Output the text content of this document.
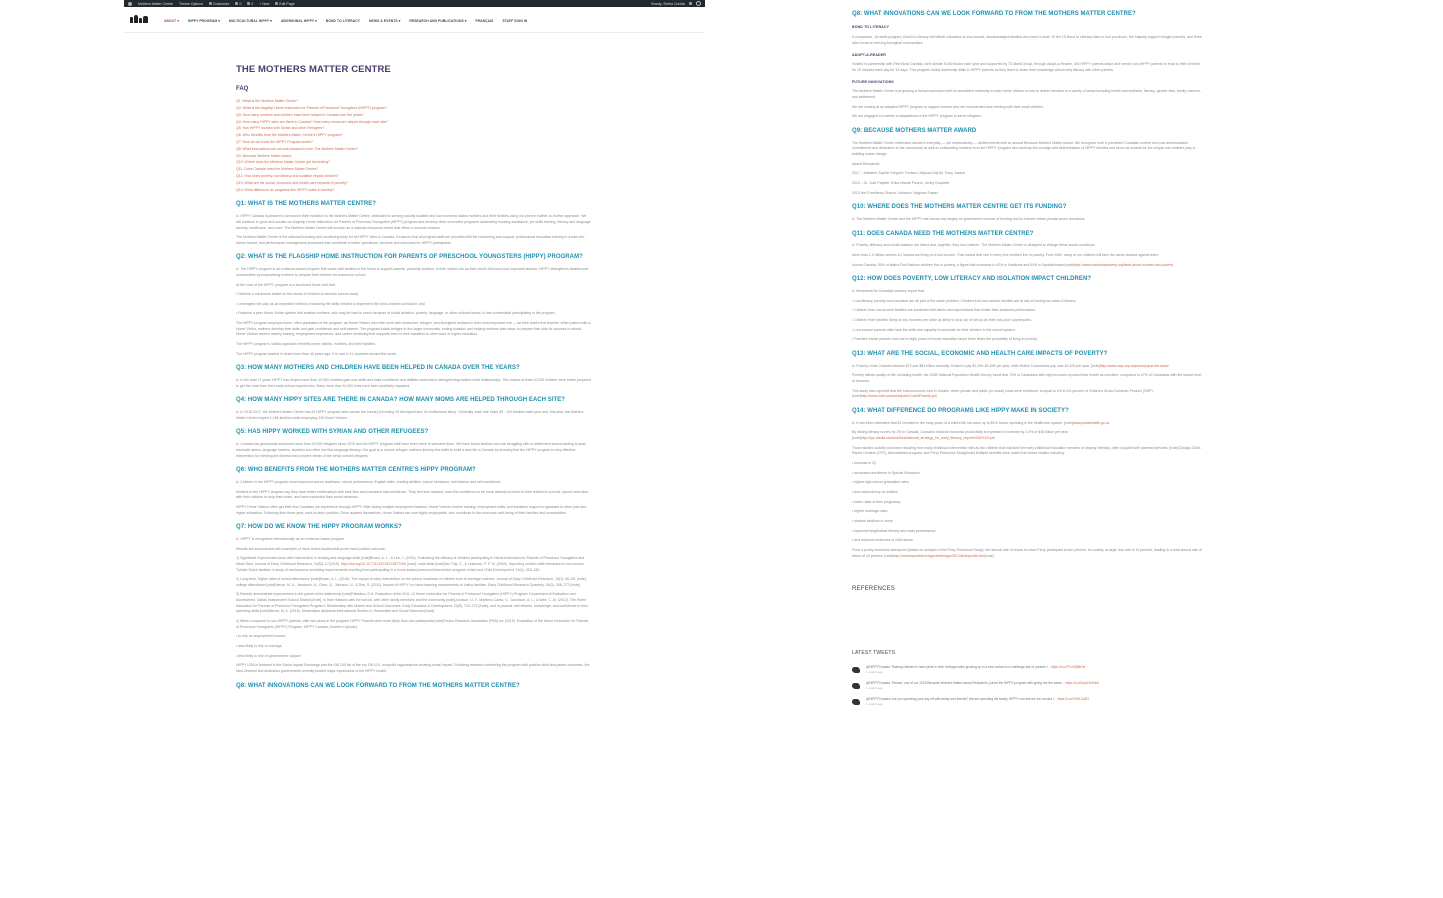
Mothers Matter Centre Theme Options	Customize	0	0 + New	Edit Page	Howdy, Sheila Culotta
ABOUT ▾	HIPPY PROGRAM ▾	MULTICULTURAL HIPPY ▾	ABORIGINAL HIPPY ▾	BOND TO LITERACY	NEWS & EVENTS ▾	RESEARCH AND PUBLICATIONS ▾	FRANÇAIS	STAFF SIGN IN
THE MOTHERS MATTER CENTRE
FAQ
Q1: What is the Mothers Matter Centre?
Q2: What is the flagship Home Instruction for Parents of Preschool Youngsters (HIPPY) program?
Q3: How many mothers and children have been helped in Canada over the years?
Q4: How many HIPPY sites are there in Canada? How many moms are helped through each site?
Q5: Has HIPPY worked with Syrian and other Refugees?
Q6: Who benefits from the Mothers Matter Centre's HIPPY program?
Q7: How do we know the HIPPY Program works?
Q8: What innovations can we look forward to from The Mothers Matter Centre?
Q9: Because Mothers Matter Award
Q10: Where does the Mothers Matter Centre get its funding?
Q11: Does Canada need the Mothers Matter Centre?
Q12: How does poverty, low literacy and isolation impact children?
Q13: What are the social, economic and health care impacts of poverty?
Q14: What difference do programs like HIPPY make in society?
Q1: WHAT IS THE MOTHERS MATTER CENTRE?

A: HIPPY Canada is pleased to announce their transition to the Mothers Matter Centre, dedicated to serving socially isolated and low economic status mothers and their families using our proven mother-to-mother approach. We will continue to grow and sustain our flagship Home Instruction for Parents of Preschool Youngsters (HIPPY) program and develop other innovative programs addressing housing assistance, job skills training, literacy and language training, healthcare, and more. The Mothers Matter Centre will function as a national resources centre that offers a common mission.

The Mothers Matter Centre is the national licensing and monitoring body for all HIPPY sites in Canada. It ensures that all program staff are provided with the monitoring and support, professional education training in a train-the-trainer format, and performance management processes that contribute to better operations, services and outcomes for HIPPY participants.

Q2: WHAT IS THE FLAGSHIP HOME INSTRUCTION FOR PARENTS OF PRESCHOOL YOUNGSTERS (HIPPY) PROGRAM?

A: The HIPPY program is an evidence-based program that works with families in the home to support parents, primarily mothers, in their critical role as their child's first and most important teacher. HIPPY strengthens families and communities by empowering mothers to prepare their children for success in school.

At the core of the HIPPY program is a structured home visit that:

• Delivers a curriculum based on the needs of children to become school-ready;

• Leverages role-play as an important method of teaching the skills needed to implement the child-centred curriculum; and

• Features a peer Home Visitor system that enables mothers, who may be hard to reach because of social isolation, poverty, language, or other cultural issues, to feel comfortable participating in the program.

The HIPPY program employs moms, often graduates of the program, as Home Visitors who then work with newcomer, refugee, and Aboriginal mothers in their most important role — as their child's first teacher. When paired with a Home Visitor, mothers develop their skills and gain confidence and self-esteem. The program builds bridges to the larger community, ending isolation and helping mothers take steps to prepare their kids for success in school. Home Visitors receive weekly training, employment experience, and career mentoring that supports them in their transition to other work or higher education.

The HIPPY program's holistic approach benefits home visitors, mothers, and their families.

The HIPPY program started in Israel more than 40 years ago. It is now in 11 countries around the world.

Q3: HOW MANY MOTHERS AND CHILDREN HAVE BEEN HELPED IN CANADA OVER THE YEARS?

A: In the past 17 years HIPPY has helped more than 10,000 mothers gain new skills and build confidence and abilities essential to strengthening mother-child relationships. This means at least 10,000 children were better prepared to get the most from their early school experiences. Many more than 10,000 lives have been positively impacted.

Q4: HOW MANY HIPPY SITES ARE THERE IN CANADA? HOW MANY MOMS ARE HELPED THROUGH EACH SITE?

A: In 2016-2017, the Mothers Matter Centre has 26 HIPPY program sites across the country (including 10 Aboriginal and 16 multicultural sites). Generally, each site helps 35 - 100 families each year and, this year, the Mothers Matter Centre helped 1,156 families while employing 118 Home Visitors.

Q5: HAS HIPPY WORKED WITH SYRIAN AND OTHER REFUGEES?

A: Canada has generously welcomed more than 40,000 refugees since 2015 and the HIPPY program staff have been there to welcome them. We have found families who are struggling with re-settlement issues leading to post-traumatic stress, language barriers, isolation and often low first-language literacy. Our goal is to ensure refugee mothers develop the skills to build a new life in Canada by showing that the HIPPY program is very effective intervention for meeting the diverse and complex needs of the newly arrived refugees.

Q6: WHO BENEFITS FROM THE MOTHERS MATTER CENTRE'S HIPPY PROGRAM?

A: Children in the HIPPY program show improved school readiness, school performance, English skills, reading abilities, school behaviour, self-esteem and self-confidence.

Mothers in the HIPPY program say they have better relationships with their kids and increased self-confidence. They feel less isolated, have the confidence to be more actively involved in their children's schools, spend more time with their children to help them learn, and have expanded their social networks.

HIPPY Home Visitors often get their first Canadian job experience through HIPPY. After facing multiple employment barriers, Home Visitors receive training, employment skills, and transition support to graduate to other jobs and higher education. Following their three-year, work-to-learn position, Once isolated themselves, Home Visitors are now highly employable, who contribute to the economic well-being of their families and communities.

Q7: HOW DO WE KNOW THE HIPPY PROGRAM WORKS?

A: HIPPY is recognized internationally as an evidence-based program.

Results are summarized with examples of more recent studies that prove each positive outcome:

1) Significant improvement soon after intervention in reading and language skills [note]Brown, A. L., & Lee, J. (2015). Evaluating the efficacy of children participating in Home Instruction for Parents of Preschool Youngsters and Head Start. Journal of Early Childhood Research, 14(8)1-17(2015). http://doi.org/10.1177/1476718X15577006 [note], math skills [note]Van Tuijl, C., & Leseman, P. P. M. (2004). Improving mother-child interaction in low-income Turkish-Dutch families: A study of mechanisms mediating improvements resulting from participating in a home-based preschool intervention program. Infant and Child Development, 13(4), 323–340.

2) Long-term, higher rates of school attendance [note]Brown, A. L. (2016). The impact of early intervention on the school readiness of children born to teenage mothers. Journal of Early Childhood Research, 15(1), 80–95. [note], college attendance [note]Nievar, M. A., Jacobson, A., Chen, Q., Johnson, U., & Dier, S. (2011). Impact of HIPPY on home learning environments of Latino families. Early Childhood Research Quarterly, 26(3), 268–277.[/note]

3) Parents demonstrate improvement in the parent-child relationship [note]Palladino, D.K. Evaluation of the 2011-12 Home Instruction for Parents of Preschool Youngsters (HIPPY) Program. Department of Evaluation and Assessment. Dallas Independent School District.[/note], in their relations with the school, with other family members and the community [note]Johnson, U. Y., Martinez-Cantu, V., Jacobson, A. L., & Weir, C.-M. (2012). The Home Instruction for Parents of Preschool Youngsters Program's Relationship with Mother and School Outcomes. Early Education & Development, 23(5), 713–727.[/note], and in parents' self-esteem, knowledge, and confidence in their parenting skills [note]Nievar, M. A. (2015). Dissertation Abstracts International Section A: Humanities and Social Sciences.[/note].

4) When compared to non-HIPPY parents, after two years in the program HIPPY Parents were more likely than non-participants [note]Fresno Research Associates (FRA) Inc (2019). Evaluation of the Home Instruction for Parents of Preschool Youngsters (HIPPY) Program, HIPPY Canada, October 14[/note]:

• to rely on employment income;

• less likely to rely on savings;

• less likely to rely on government support.

HIPPY USA is featured in the Social Impact Exchange and the S&I 100 list of the top 100 U.S. nonprofit organizations creating social impact. Following research confirming the program with positive child and parent outcomes, the New Zealand and Australian governments recently funded major expansions of the HIPPY model.

Q8: WHAT INNOVATIONS CAN WE LOOK FORWARD TO FROM THE MOTHERS MATTER CENTRE?

Q8: WHAT INNOVATIONS CAN WE LOOK FORWARD TO FROM THE MOTHERS MATTER CENTRE?
BOND TO LITERACY

A companion, 16-week program, Bond to Literacy will deliver education to low-income, disadvantaged families who need it most. Of the 15 Bond to Literacy sites in four provinces, the majority support refugee parents, and three sites focus on serving Aboriginal communities.

ADOPT-A-READER

Hosted in partnership with First Book Canada, we'll donate 5,000 books each year and supported by TD Bank Group, through Adopt-a-Reader, 300 HIPPY parents adopt and mentor non-HIPPY parents to read to their children for 15 minutes each day for 15 days. This program builds leadership skills in HIPPY parents as they learn to share their knowledge about early literacy with other parents.

FUTURE INNOVATIONS

The Mothers Matter Centre is proposing a formal curriculum with an accredited university to train Home Visitors in how to deliver services in a variety of areas including health and wellness, literacy, gender bias, family violence, and settlement.

We are looking at an adapted HIPPY program to support women who are incarcerated and residing with their small children.

We are engaged in a series of adaptations of the HIPPY program to serve refugees.

Q9: BECAUSE MOTHERS MATTER AWARD

The Mothers Matter Centre celebrates women's everyday — yet extraordinary — achievements with an annual Because Mothers Matter Award. We recognize both a prominent Canadian mother who has demonstrated commitment and dedication to her community as well as outstanding mothers from the HIPPY program who embody the courage and determination of HIPPY families and serve as models for the unique role mothers play in building social change.

Award Recipients:

2017 – Madame Sophie Grégoire Trudeau, Mayssa Haj Ali, Tracy Joseph

2016 – Dr. Julie Payette, Erika Infante Pizarro, Jenny Ouquette

2015 Her Excellency Sharon Johnston, Nagham Fawaz

Q10: WHERE DOES THE MOTHERS MATTER CENTRE GET ITS FUNDING?

A: The Mothers Matter Centre and the HIPPY site across rely largely on government sources of funding and to a lesser extent private sector donations.

Q11: DOES CANADA NEED THE MOTHERS MATTER CENTRE?

A: Poverty, illiteracy and social isolation are linked and, together, they hurt children. The Mothers Matter Centre is designed to change these social conditions.

More than 1.3 million women in Canada are living on a low income. That means that one in every five children live in poverty. From birth, many of our children will face the cards stacked against them.

Across Canada, 50% of status First Nations children live in poverty, a figure that increases to 62% in Manitoba and 64% in Saskatchewan [note]http://www.canadianpoverty.org/facts-about-women-and-poverty

Q12: HOW DOES POVERTY, LOW LITERACY AND ISOLATION IMPACT CHILDREN?

A: Movement for Canadian Literacy report that:

• Low literacy, poverty and exclusion are all part of the same problem. Children from low-income families are at risk of having low rates of literacy.

• Children from low-income families are burdened with labels and expectations that hinder their academic performance.

• Children from families living on low incomes are twice as likely to drop out of school as their non-poor counterparts.

• Low-income parents often lack the skills and capacity to advocate for their children in the school system.

• Families whose parents had one to eight years of formal education faced three times the probability of living in poverty.

Q13: WHAT ARE THE SOCIAL, ECONOMIC AND HEALTH CARE IMPACTS OF POVERTY?

A: Poverty costs Canada between $72 and $84 billion annually. Ontario's pay $2,299–$2,895 per year, while British Columbians pay over $2,100 per year. [note]http://www.cwp-csp.ca/poverty/just-the-facts/

Poverty affects quality of life, including health: the 2008 National Population Health Survey found that 73% of Canadians with high incomes reported their health as excellent, compared to 47% of Canadians with the lowest level of incomes.

This study also reported that the total economic cost in Ontario, when private and public (or social) costs were combined, is equal to 5.5 to 6.6 percent of Ontario's Gross Domestic Product (GDP). [note]http://www.oafb.ca/assets/pdfs/CostofPoverty.pdf

Q14: WHAT DIFFERENCE DO PROGRAMS LIKE HIPPY MAKE IN SOCIETY?

A: It has been estimated that $1 invested in the early years of a child's life can save up to $9 in future spending in the healthcare system. [note]www.publichealth.gc.ca

By raising literacy scores by 1% in Canada, Canada's national economic productivity is expected to increase by 2.5% or $48 billion per year. [note]http://xyz.media.ca/docs/files/national_strategy_for_early_literacy_report%282%29.pdf

Those studies solidify outcomes resulting from early childhood intervention with at-risk children that included five early childhood education services of varying intensity, often coupled with parental services: [note]Chicago Child-Parent Centers (CPC), Abecedarian program, and Perry Preschool Study[/note] Multiple benefits were noted from these studies including:

• increase in IQ

• decreased enrolment in Special Education

• higher high school graduation rates

• less dependency on welfare

• lower rates of teen pregnancy

• higher marriage rates

• marked declines in crime

• improved longitudinal literacy and math performance

• and reduced evidences of child abuse.

From a purely economic standpoint (based on analysis of the Perry Preschool Study), the annual rate of return for each Perry participant is four percent, for society at large, this rate is 12 percent, leading to a total annual rate of return of 16 percent. [note]http://minneapolisfed.org/pubs/fedgaz/03-03/earlychild.cfm[/note]

REFERENCES
LATEST TWEETS
@HIPPYCanada: Raising children to have pride in their heritage while growing up in a new culture is a challenge lots of parents f... https://t.co/TFUCjBkbHe
1 month ago
@HIPPYCanada: Fitnaan, one of our 2018 Because Mothers Matter Award Recipients, joined the HIPPY program with giving her the same... https://t.co/DpdVZmHnk
1 month ago
@HIPPYCanada: Are you spending your day off with family and friends? We are spending the family, HIPPY can see the fun around t... https://t.co/FbHLZqZN
1 month ago
